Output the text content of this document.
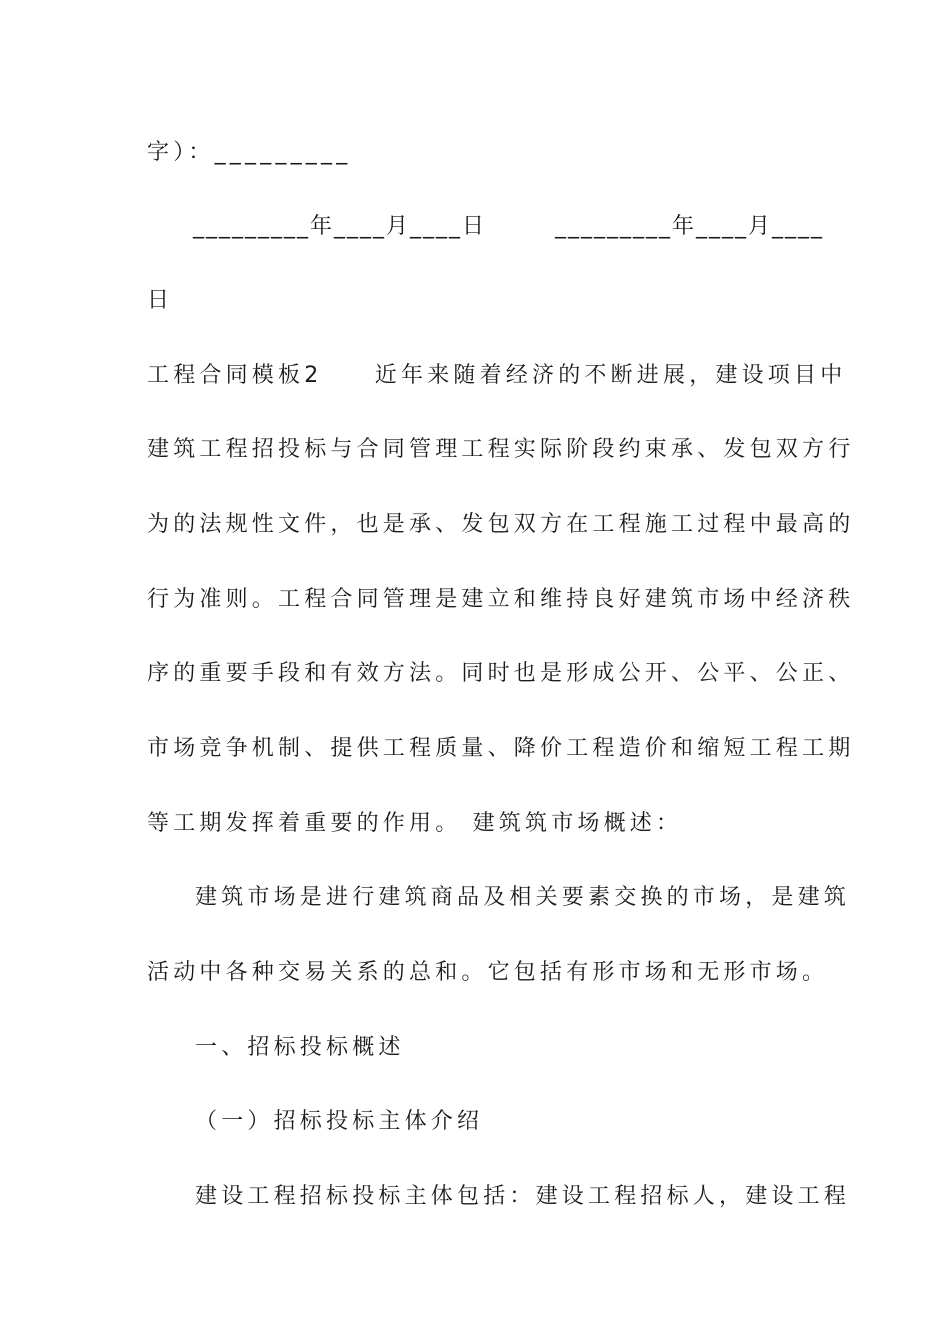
字）：_________
_________年____月____日	_________年____月____
日
工程合同模板2　　近年来随着经济的不断进展，建设项目中
建筑工程招投标与合同管理工程实际阶段约束承、发包双方行
为的法规性文件，也是承、发包双方在工程施工过程中最高的
行为准则。工程合同管理是建立和维持良好建筑市场中经济秩
序的重要手段和有效方法。同时也是形成公开、公平、公正、
市场竞争机制、提供工程质量、降价工程造价和缩短工程工期
等工期发挥着重要的作用。 建筑筑市场概述：
建筑市场是进行建筑商品及相关要素交换的市场，是建筑
活动中各种交易关系的总和。它包括有形市场和无形市场。
一、招标投标概述
（一）招标投标主体介绍
建设工程招标投标主体包括：建设工程招标人，建设工程
